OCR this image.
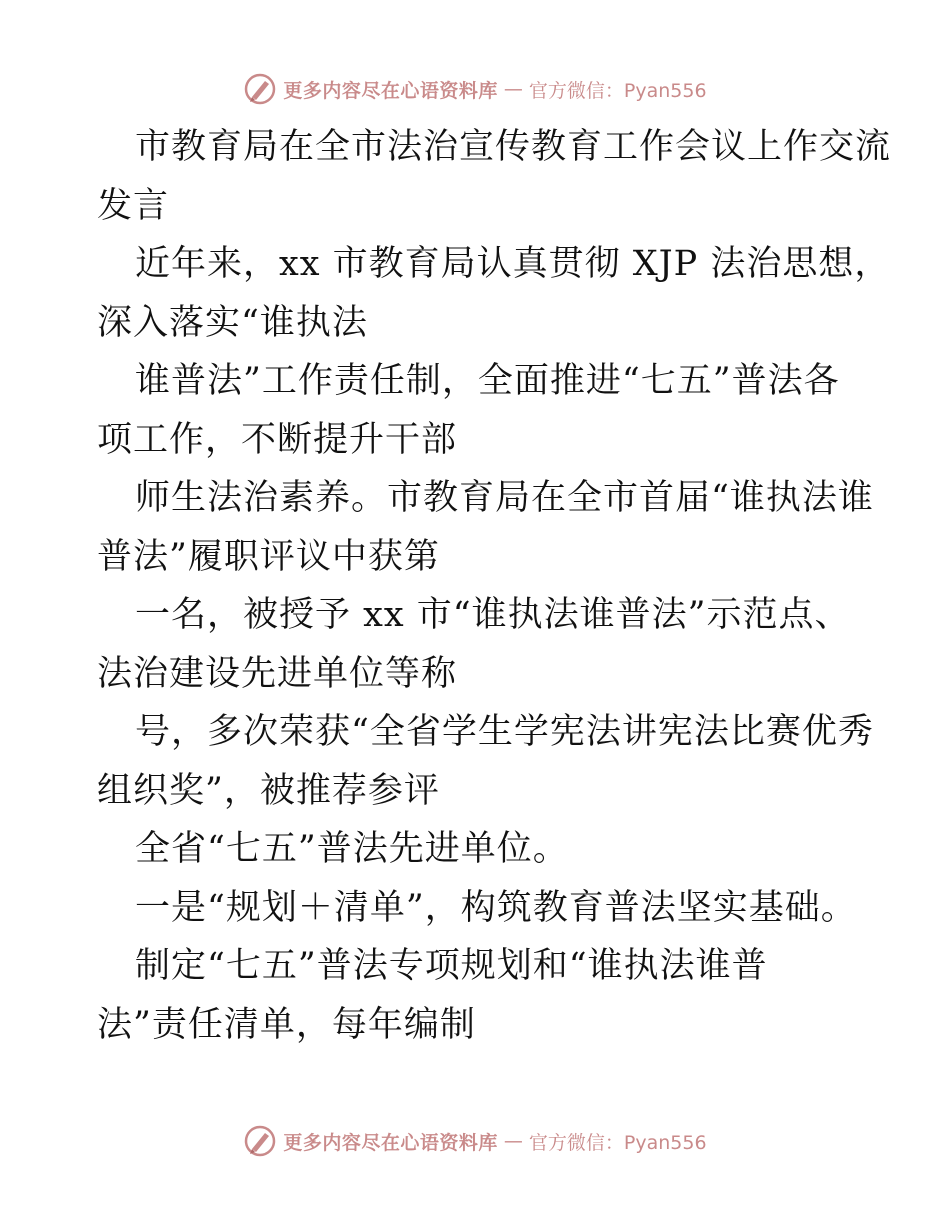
更多内容尽在心语资料库 — 官方微信：Pyan556
市教育局在全市法治宣传教育工作会议上作交流
发言
近年来，xx 市教育局认真贯彻 XJP 法治思想，
深入落实“谁执法
谁普法”工作责任制，全面推进“七五”普法各
项工作，不断提升干部
师生法治素养。市教育局在全市首届“谁执法谁
普法”履职评议中获第
一名，被授予 xx 市“谁执法谁普法”示范点、
法治建设先进单位等称
号，多次荣获“全省学生学宪法讲宪法比赛优秀
组织奖”，被推荐参评
全省“七五”普法先进单位。
一是“规划＋清单”，构筑教育普法坚实基础。
制定“七五”普法专项规划和“谁执法谁普
法”责任清单，每年编制
更多内容尽在心语资料库 — 官方微信：Pyan556
